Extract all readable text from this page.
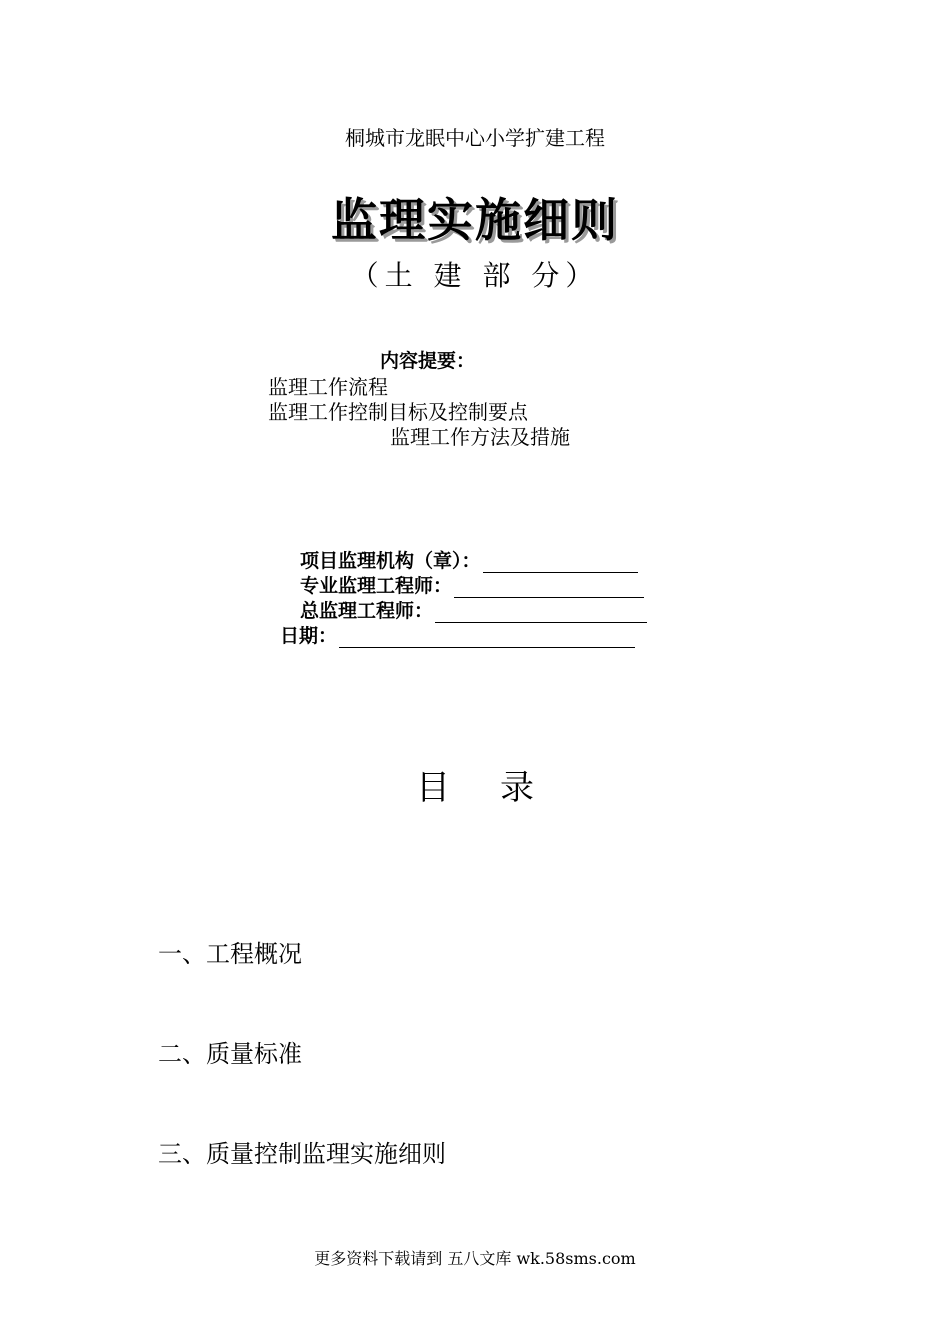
桐城市龙眠中心小学扩建工程
监理实施细则
（土 建 部 分）
内容提要：
监理工作流程
监理工作控制目标及控制要点
监理工作方法及措施
项目监理机构（章）：
专业监理工程师：
总监理工程师：
日期：
目 录
一、工程概况
二、质量标准
三、质量控制监理实施细则
更多资料下载请到 五八文库 wk.58sms.com
